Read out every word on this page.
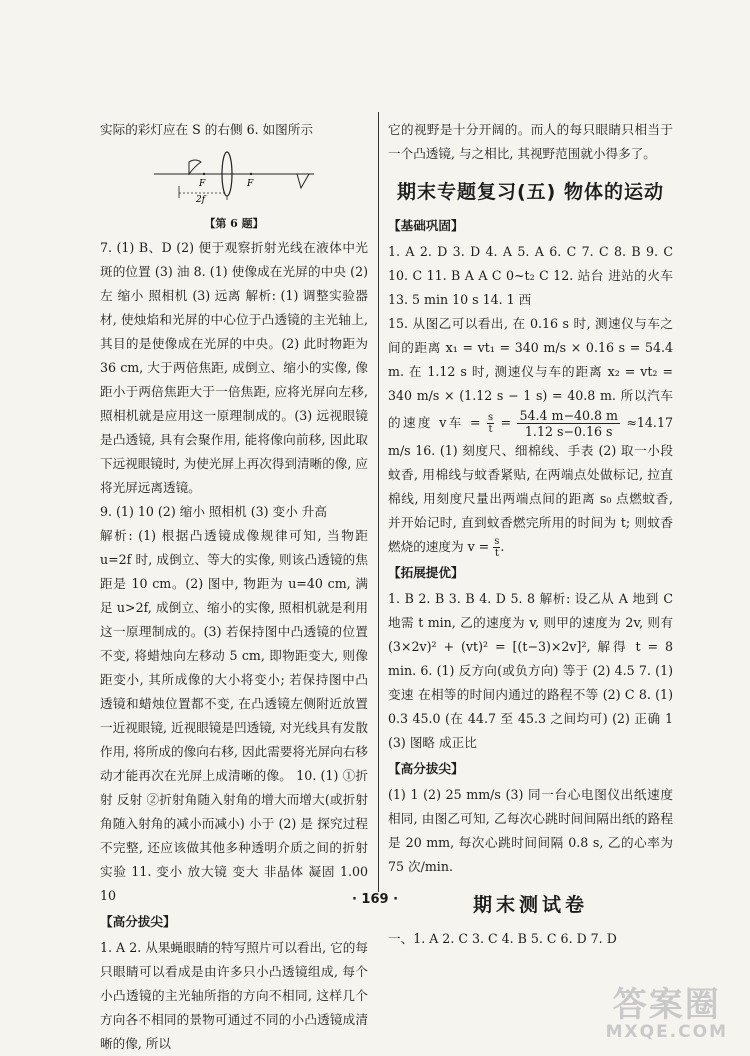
实际的彩灯应在 S 的右侧 6. 如图所示

F
2f
F

【第 6 题】

7. (1) B、D (2) 便于观察折射光线在液体中光斑的位置 (3) 油 8. (1) 使像成在光屏的中央 (2) 左 缩小 照相机 (3) 远离 解析: (1) 调整实验器材, 使烛焰和光屏的中心位于凸透镜的主光轴上, 其目的是使像成在光屏的中央。(2) 此时物距为 36 cm, 大于两倍焦距, 成倒立、缩小的实像, 像距小于两倍焦距大于一倍焦距, 应将光屏向左移, 照相机就是应用这一原理制成的。(3) 远视眼镜是凸透镜, 具有会聚作用, 能将像向前移, 因此取下远视眼镜时, 为使光屏上再次得到清晰的像, 应将光屏远离透镜。

9. (1) 10 (2) 缩小 照相机 (3) 变小 升高

解析: (1) 根据凸透镜成像规律可知, 当物距 u=2f 时, 成倒立、等大的实像, 则该凸透镜的焦距是 10 cm。(2) 图中, 物距为 u=40 cm, 满足 u>2f, 成倒立、缩小的实像, 照相机就是利用这一原理制成的。(3) 若保持图中凸透镜的位置不变, 将蜡烛向左移动 5 cm, 即物距变大, 则像距变小, 其所成像的大小将变小; 若保持图中凸透镜和蜡烛位置都不变, 在凸透镜左侧附近放置一近视眼镜, 近视眼镜是凹透镜, 对光线具有发散作用, 将所成的像向右移, 因此需要将光屏向右移动才能再次在光屏上成清晰的像。 10. (1) ①折射 反射 ②折射角随入射角的增大而增大(或折射角随入射角的减小而减小) 小于 (2) 是 探究过程不完整, 还应该做其他多种透明介质之间的折射实验 11. 变小 放大镜 变大 非晶体 凝固 1.00 10

【高分拔尖】

1. A 2. 从果蝇眼睛的特写照片可以看出, 它的每只眼睛可以看成是由许多只小凸透镜组成, 每个小凸透镜的主光轴所指的方向不相同, 这样几个方向各不相同的景物可通过不同的小凸透镜成清晰的像, 所以

它的视野是十分开阔的。而人的每只眼睛只相当于一个凸透镜, 与之相比, 其视野范围就小得多了。

期末专题复习(五) 物体的运动

【基础巩固】

1. A 2. D 3. D 4. A 5. A 6. C 7. C 8. B 9. C 10. C 11. B A A C 0~t₂ C 12. 站台 进站的火车 13. 5 min 10 s 14. 1 西

15. 从图乙可以看出, 在 0.16 s 时, 测速仪与车之间的距离 x₁ = vt₁ = 340 m/s × 0.16 s = 54.4 m. 在 1.12 s 时, 测速仪与车的距离 x₂ = vt₂ = 340 m/s × (1.12 s − 1 s) = 40.8 m. 所以汽车的速度 v车 = $\frac{s}{t} = \frac{54.4 m-40.8 m}{1.12 s-0.16 s} \approx 14.17$ m/s 16. (1) 刻度尺、细棉线、手表 (2) 取一小段蚊香, 用棉线与蚊香紧贴, 在两端点处做标记, 拉直棉线, 用刻度尺量出两端点间的距离 s₀ 点燃蚊香, 并开始记时, 直到蚊香燃完所用的时间为 t; 则蚊香燃烧的速度为 $v = \frac{s}{t}$ .

【拓展提优】

1. B 2. B 3. B 4. D 5. 8 解析: 设乙从 A 地到 C 地需 t min, 乙的速度为 v, 则甲的速度为 2v, 则有 (3×2v)² + (vt)² = [(t−3)×2v]², 解得 t = 8 min. 6. (1) 反方向(或负方向) 等于 (2) 4.5 7. (1) 变速 在相等的时间内通过的路程不等 (2) C 8. (1) 0.3 45.0 (在 44.7 至 45.3 之间均可) (2) 正确 1 (3) 图略 成正比

【高分拔尖】

(1) 1 (2) 25 mm/s (3) 同一台心电图仪出纸速度相同, 由图乙可知, 乙每次心跳时间间隔出纸的路程是 20 mm, 每次心跳时间间隔 0.8 s, 乙的心率为 75 次/min.

期末测试卷

一、1. A 2. C 3. C 4. B 5. C 6. D 7. D

· 169 ·
答案圈
MXQE.COM
